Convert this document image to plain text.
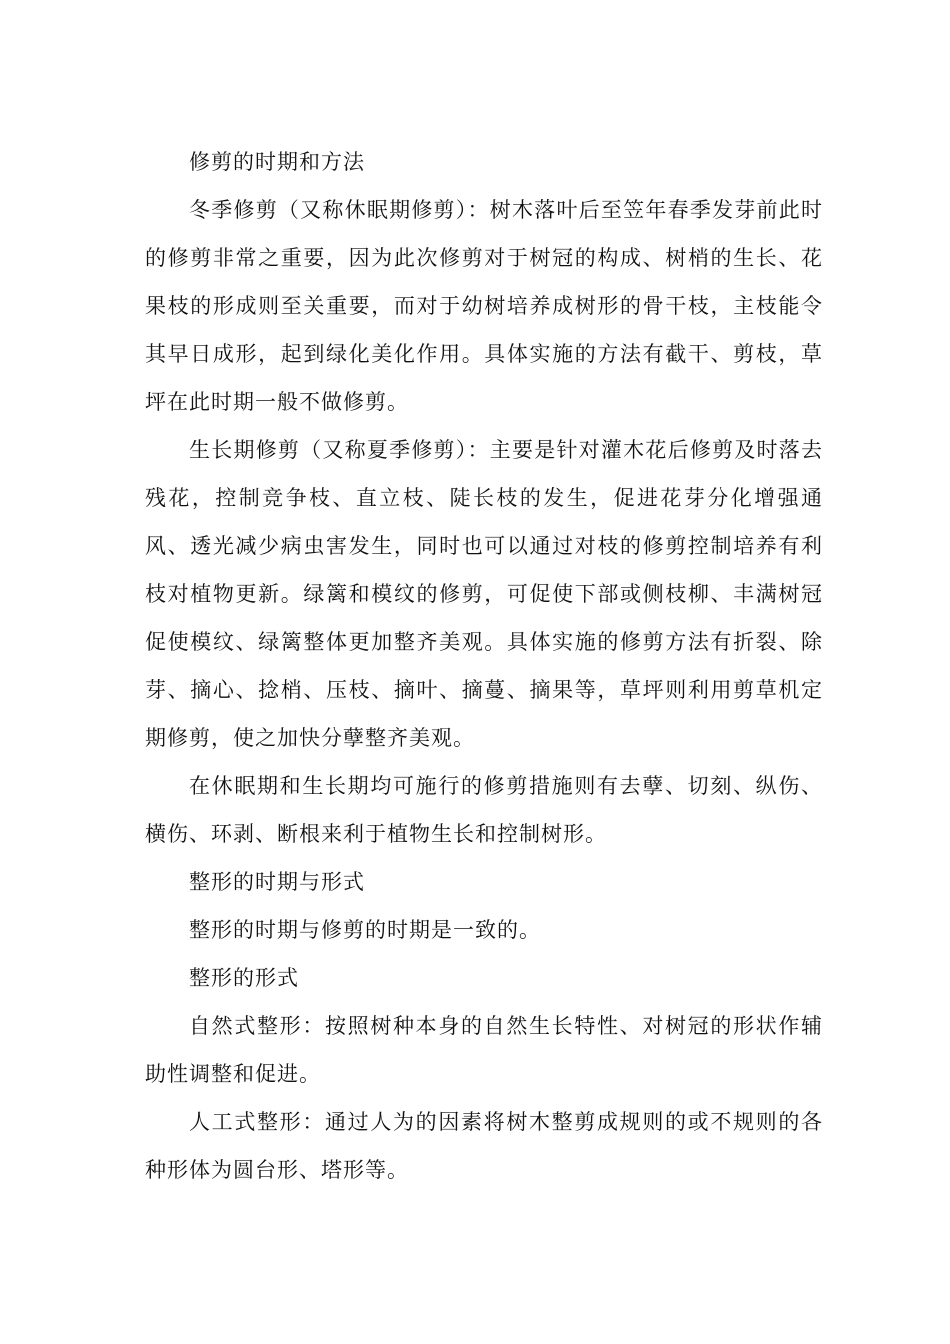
修剪的时期和方法

冬季修剪（又称休眠期修剪）：树木落叶后至笠年春季发芽前此时的修剪非常之重要，因为此次修剪对于树冠的构成、树梢的生长、花果枝的形成则至关重要，而对于幼树培养成树形的骨干枝，主枝能令其早日成形，起到绿化美化作用。具体实施的方法有截干、剪枝，草坪在此时期一般不做修剪。

生长期修剪（又称夏季修剪）：主要是针对灌木花后修剪及时落去残花，控制竞争枝、直立枝、陡长枝的发生，促进花芽分化增强通风、透光减少病虫害发生，同时也可以通过对枝的修剪控制培养有利枝对植物更新。绿篱和模纹的修剪，可促使下部或侧枝柳、丰满树冠促使模纹、绿篱整体更加整齐美观。具体实施的修剪方法有折裂、除芽、摘心、捻梢、压枝、摘叶、摘蔓、摘果等，草坪则利用剪草机定期修剪，使之加快分孽整齐美观。

在休眠期和生长期均可施行的修剪措施则有去孽、切刻、纵伤、横伤、环剥、断根来利于植物生长和控制树形。

整形的时期与形式

整形的时期与修剪的时期是一致的。

整形的形式

自然式整形：按照树种本身的自然生长特性、对树冠的形状作辅助性调整和促进。

人工式整形：通过人为的因素将树木整剪成规则的或不规则的各种形体为圆台形、塔形等。
